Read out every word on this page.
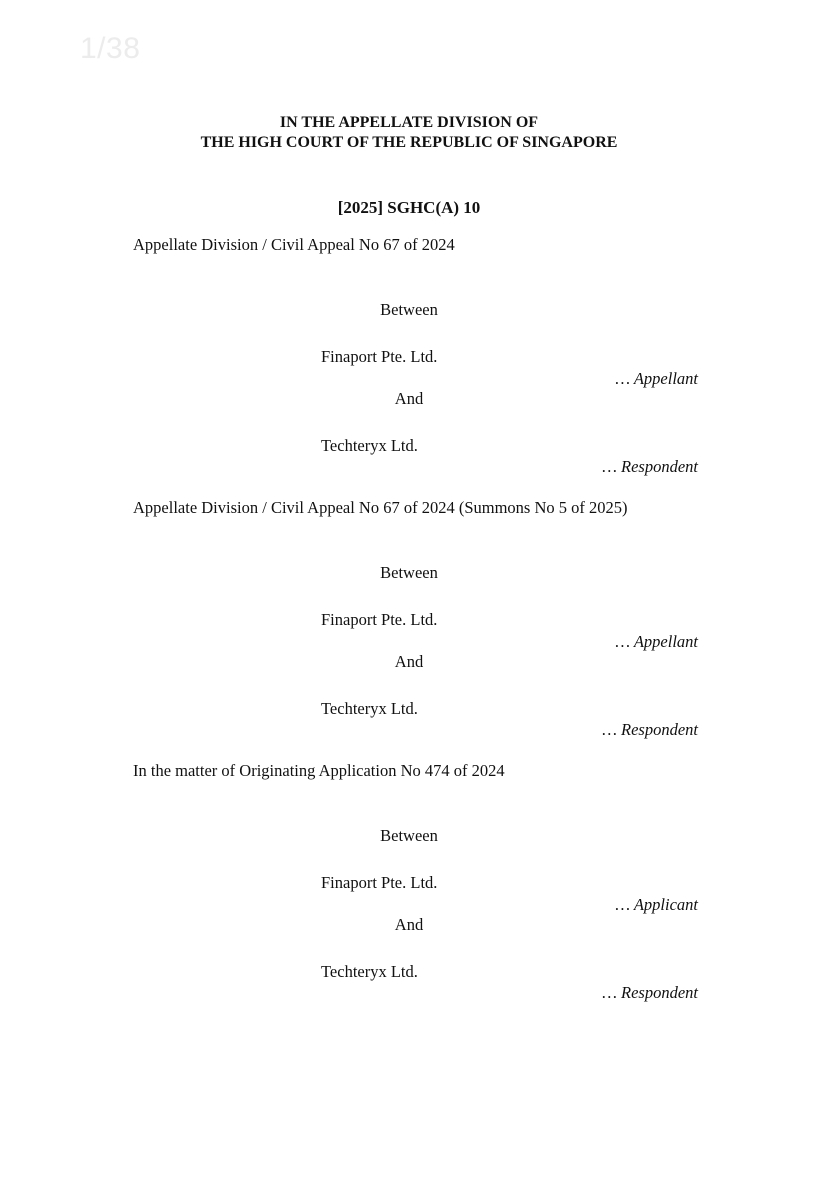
1/38
IN THE APPELLATE DIVISION OF
THE HIGH COURT OF THE REPUBLIC OF SINGAPORE
[2025] SGHC(A) 10
Appellate Division / Civil Appeal No 67 of 2024
Between
Finaport Pte. Ltd.
… Appellant
And
Techteryx Ltd.
… Respondent
Appellate Division / Civil Appeal No 67 of 2024 (Summons No 5 of 2025)
Between
Finaport Pte. Ltd.
… Appellant
And
Techteryx Ltd.
… Respondent
In the matter of Originating Application No 474 of 2024
Between
Finaport Pte. Ltd.
… Applicant
And
Techteryx Ltd.
… Respondent
